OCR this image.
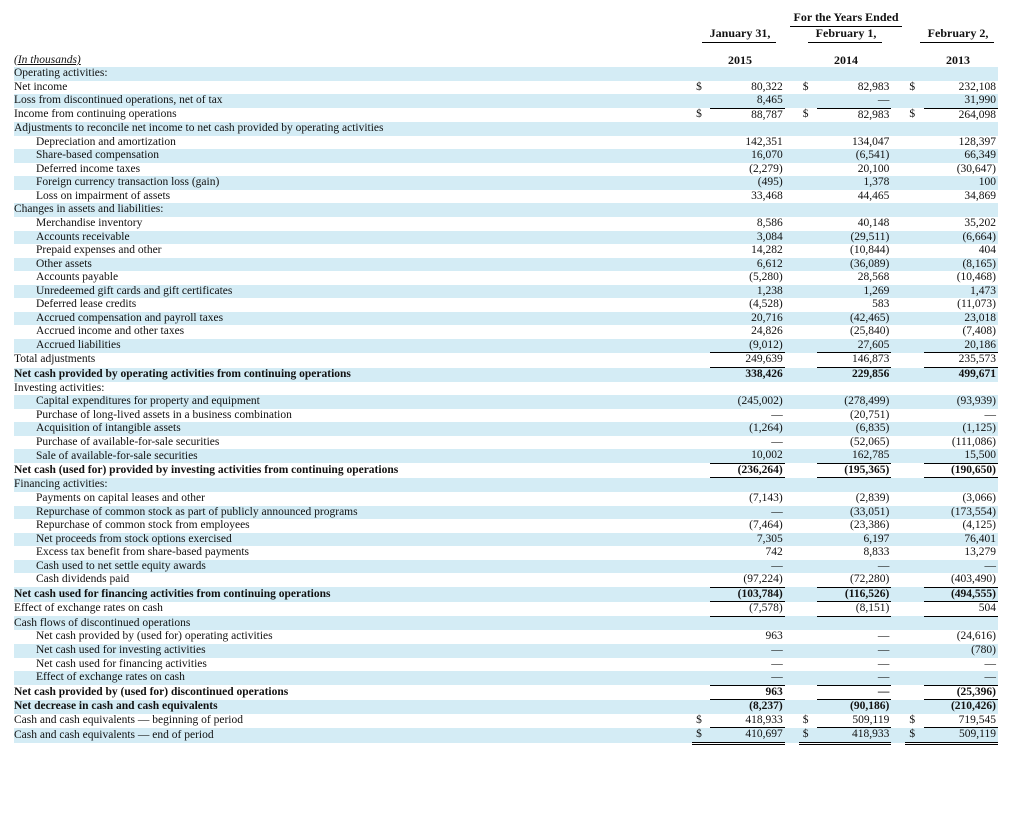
For the Years Ended
January 31,	February 1,	February 2,
2015	2014	2013
(In thousands)
Operating activities:								
Net income	$	80,322		$	82,983		$	232,108
Loss from discontinued operations, net of tax		8,465			—			31,990
Income from continuing operations	$	88,787		$	82,983		$	264,098
Adjustments to reconcile net income to net cash provided by operating activities								
Depreciation and amortization		142,351			134,047			128,397
Share-based compensation		16,070			(6,541)			66,349
Deferred income taxes		(2,279)			20,100			(30,647)
Foreign currency transaction loss (gain)		(495)			1,378			100
Loss on impairment of assets		33,468			44,465			34,869
Changes in assets and liabilities:								
Merchandise inventory		8,586			40,148			35,202
Accounts receivable		3,084			(29,511)			(6,664)
Prepaid expenses and other		14,282			(10,844)			404
Other assets		6,612			(36,089)			(8,165)
Accounts payable		(5,280)			28,568			(10,468)
Unredeemed gift cards and gift certificates		1,238			1,269			1,473
Deferred lease credits		(4,528)			583			(11,073)
Accrued compensation and payroll taxes		20,716			(42,465)			23,018
Accrued income and other taxes		24,826			(25,840)			(7,408)
Accrued liabilities		(9,012)			27,605			20,186
Total adjustments		249,639			146,873			235,573
Net cash provided by operating activities from continuing operations		338,426			229,856			499,671
Investing activities:								
Capital expenditures for property and equipment		(245,002)			(278,499)			(93,939)
Purchase of long-lived assets in a business combination		—			(20,751)			—
Acquisition of intangible assets		(1,264)			(6,835)			(1,125)
Purchase of available-for-sale securities		—			(52,065)			(111,086)
Sale of available-for-sale securities		10,002			162,785			15,500
Net cash (used for) provided by investing activities from continuing operations		(236,264)			(195,365)			(190,650)
Financing activities:								
Payments on capital leases and other		(7,143)			(2,839)			(3,066)
Repurchase of common stock as part of publicly announced programs		—			(33,051)			(173,554)
Repurchase of common stock from employees		(7,464)			(23,386)			(4,125)
Net proceeds from stock options exercised		7,305			6,197			76,401
Excess tax benefit from share-based payments		742			8,833			13,279
Cash used to net settle equity awards		—			—			—
Cash dividends paid		(97,224)			(72,280)			(403,490)
Net cash used for financing activities from continuing operations		(103,784)			(116,526)			(494,555)
Effect of exchange rates on cash		(7,578)			(8,151)			504
Cash flows of discontinued operations								
Net cash provided by (used for) operating activities		963			—			(24,616)
Net cash used for investing activities		—			—			(780)
Net cash used for financing activities		—			—			—
Effect of exchange rates on cash		—			—			—
Net cash provided by (used for) discontinued operations		963			—			(25,396)
Net decrease in cash and cash equivalents		(8,237)			(90,186)			(210,426)
Cash and cash equivalents — beginning of period	$	418,933		$	509,119		$	719,545
Cash and cash equivalents — end of period	$	410,697		$	418,933		$	509,119
